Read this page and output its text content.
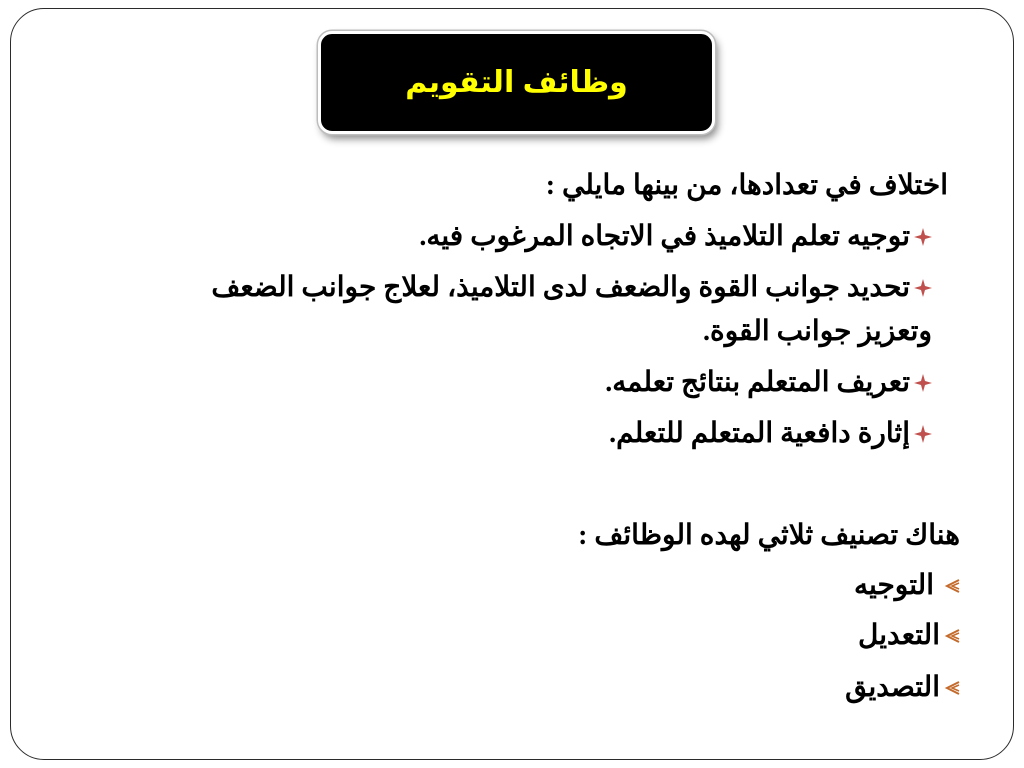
وظائف التقويم
اختلاف في تعدادها، من بينها مايلي :
توجيه تعلم التلاميذ في الاتجاه المرغوب فيه.
تحديد جوانب القوة والضعف لدى التلاميذ، لعلاج جوانب الضعف
وتعزيز جوانب القوة.
تعريف المتعلم بنتائج تعلمه.
إثارة دافعية المتعلم للتعلم.
هناك تصنيف ثلاثي لهده الوظائف :
التوجيه
التعديل
التصديق
